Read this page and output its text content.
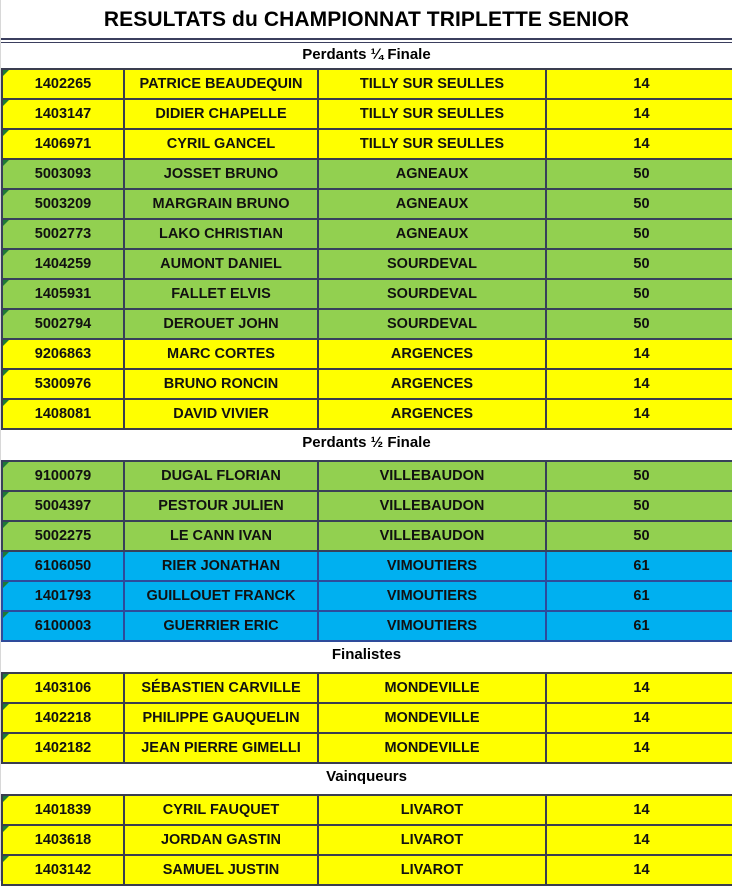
RESULTATS du CHAMPIONNAT TRIPLETTE SENIOR
Perdants ¼ Finale
1402265	PATRICE BEAUDEQUIN	TILLY SUR SEULLES	14

1403147	DIDIER CHAPELLE	TILLY SUR SEULLES	14

1406971	CYRIL GANCEL	TILLY SUR SEULLES	14

5003093	JOSSET BRUNO	AGNEAUX	50

5003209	MARGRAIN BRUNO	AGNEAUX	50

5002773	LAKO CHRISTIAN	AGNEAUX	50

1404259	AUMONT DANIEL	SOURDEVAL	50

1405931	FALLET ELVIS	SOURDEVAL	50

5002794	DEROUET JOHN	SOURDEVAL	50

9206863	MARC CORTES	ARGENCES	14

5300976	BRUNO RONCIN	ARGENCES	14

1408081	DAVID VIVIER	ARGENCES	14
Perdants ½ Finale
9100079	DUGAL FLORIAN	VILLEBAUDON	50

5004397	PESTOUR JULIEN	VILLEBAUDON	50

5002275	LE CANN IVAN	VILLEBAUDON	50

6106050	RIER JONATHAN	VIMOUTIERS	61

1401793	GUILLOUET FRANCK	VIMOUTIERS	61

6100003	GUERRIER ERIC	VIMOUTIERS	61
Finalistes
1403106	SÉBASTIEN CARVILLE	MONDEVILLE	14

1402218	PHILIPPE GAUQUELIN	MONDEVILLE	14

1402182	JEAN PIERRE GIMELLI	MONDEVILLE	14
Vainqueurs
1401839	CYRIL FAUQUET	LIVAROT	14

1403618	JORDAN GASTIN	LIVAROT	14

1403142	SAMUEL JUSTIN	LIVAROT	14
